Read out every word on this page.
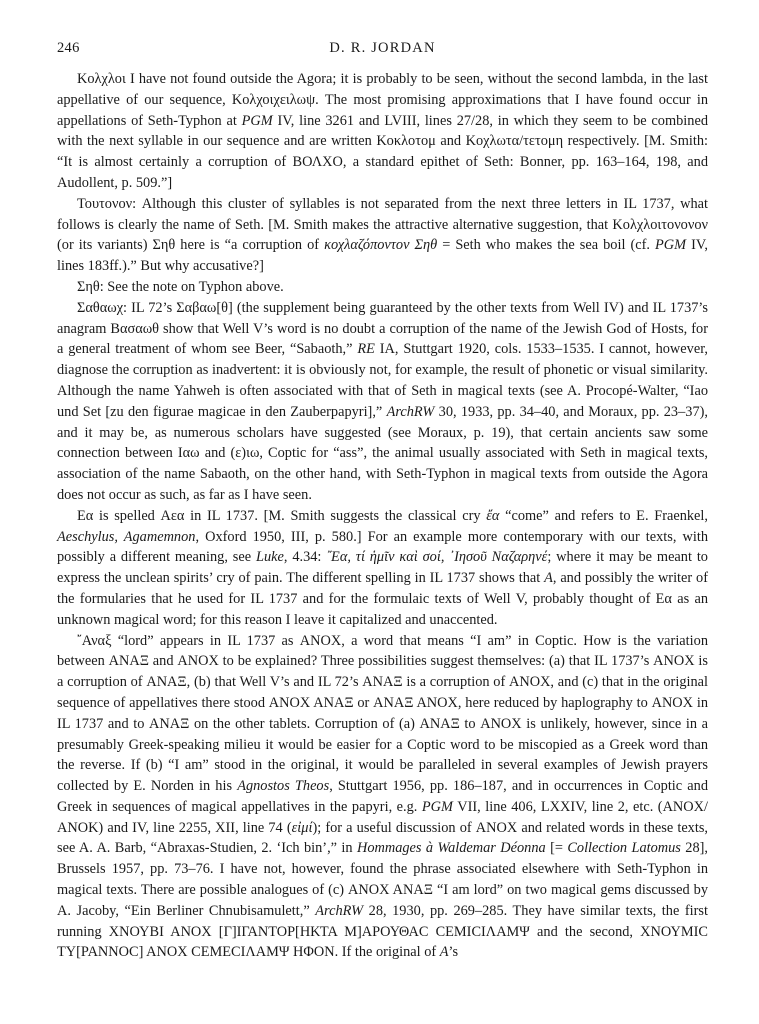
246	D. R. JORDAN

Κολχλοι I have not found outside the Agora; it is probably to be seen, without the second lambda, in the last appellative of our sequence, Κολχοιχειλωψ. The most promising approximations that I have found occur in appellations of Seth-Typhon at PGM IV, line 3261 and LVIII, lines 27/28, in which they seem to be combined with the next syllable in our sequence and are written Κοκλοτομ and Κοχλωτα/τετομη respectively. [M. Smith: “It is almost certainly a corruption of ΒΟΛΧΟ, a standard epithet of Seth: Bonner, pp. 163–164, 198, and Audollent, p. 509.”]

Τουτονον: Although this cluster of syllables is not separated from the next three letters in IL 1737, what follows is clearly the name of Seth. [M. Smith makes the attractive alternative suggestion, that Κολχλοιτονονον (or its variants) Σηθ here is “a corruption of κοχλαζόποντον Σηθ = Seth who makes the sea boil (cf. PGM IV, lines 183ff.).” But why accusative?]

Σηθ: See the note on Typhon above.

Σαθαωχ: IL 72’s Σαβαω[θ] (the supplement being guaranteed by the other texts from Well IV) and IL 1737’s anagram Βασαωθ show that Well V’s word is no doubt a corruption of the name of the Jewish God of Hosts, for a general treatment of whom see Beer, “Sabaoth,” RE IA, Stuttgart 1920, cols. 1533–1535. I cannot, however, diagnose the corruption as inadvertent: it is obviously not, for example, the result of phonetic or visual similarity. Although the name Yahweh is often associated with that of Seth in magical texts (see A. Procopé-Walter, “Iao und Set [zu den figurae magicae in den Zauberpapyri],” ArchRW 30, 1933, pp. 34–40, and Moraux, pp. 23–37), and it may be, as numerous scholars have suggested (see Moraux, p. 19), that certain ancients saw some connection between Ιαω and (ε)ιω, Coptic for “ass”, the animal usually associated with Seth in magical texts, association of the name Sabaoth, on the other hand, with Seth-Typhon in magical texts from outside the Agora does not occur as such, as far as I have seen.

Εα is spelled Αεα in IL 1737. [M. Smith suggests the classical cry ἔα “come” and refers to E. Fraenkel, Aeschylus, Agamemnon, Oxford 1950, III, p. 580.] For an example more contemporary with our texts, with possibly a different meaning, see Luke, 4.34: ῎Εα, τί ἡμῖν καὶ σοί, ᾿Ιησοῦ Ναζαρηνέ; where it may be meant to express the unclean spirits’ cry of pain. The different spelling in IL 1737 shows that A, and possibly the writer of the formularies that he used for IL 1737 and for the formulaic texts of Well V, probably thought of Εα as an unknown magical word; for this reason I leave it capitalized and unaccented.

῎Αναξ “lord” appears in IL 1737 as ΑΝΟΧ, a word that means “I am” in Coptic. How is the variation between ΑΝΑΞ and ΑΝΟΧ to be explained? Three possibilities suggest themselves: (a) that IL 1737’s ΑΝΟΧ is a corruption of ΑΝΑΞ, (b) that Well V’s and IL 72’s ΑΝΑΞ is a corruption of ΑΝΟΧ, and (c) that in the original sequence of appellatives there stood ΑΝΟΧ ΑΝΑΞ or ΑΝΑΞ ΑΝΟΧ, here reduced by haplography to ΑΝΟΧ in IL 1737 and to ΑΝΑΞ on the other tablets. Corruption of (a) ΑΝΑΞ to ΑΝΟΧ is unlikely, however, since in a presumably Greek-speaking milieu it would be easier for a Coptic word to be miscopied as a Greek word than the reverse. If (b) “I am” stood in the original, it would be paralleled in several examples of Jewish prayers collected by E. Norden in his Agnostos Theos, Stuttgart 1956, pp. 186–187, and in occurrences in Coptic and Greek in sequences of magical appellatives in the papyri, e.g. PGM VII, line 406, LXXIV, line 2, etc. (ΑΝΟΧ/ΑΝΟΚ) and IV, line 2255, XII, line 74 (εἰμί); for a useful discussion of ΑΝΟΧ and related words in these texts, see A. A. Barb, “Abraxas-Studien, 2. ‘Ich bin’,” in Hommages à Waldemar Déonna [= Collection Latomus 28], Brussels 1957, pp. 73–76. I have not, however, found the phrase associated elsewhere with Seth-Typhon in magical texts. There are possible analogues of (c) ΑΝΟΧ ΑΝΑΞ “I am lord” on two magical gems discussed by A. Jacoby, “Ein Berliner Chnubisamulett,” ArchRW 28, 1930, pp. 269–285. They have similar texts, the first running ΧΝΟΥΒΙ ΑΝΟΧ [Γ]ΙΓΑΝΤΟΡ[ΗΚΤΑ Μ]ΑΡΟΥΘΑC CΕΜΙCΙΛΑΜΨ and the second, ΧΝΟΥΜΙC ΤΥ[ΡΑΝΝΟC] ΑΝΟΧ CΕΜΕCΙΛΑΜΨ ΗΦΟΝ. If the original of A’s
